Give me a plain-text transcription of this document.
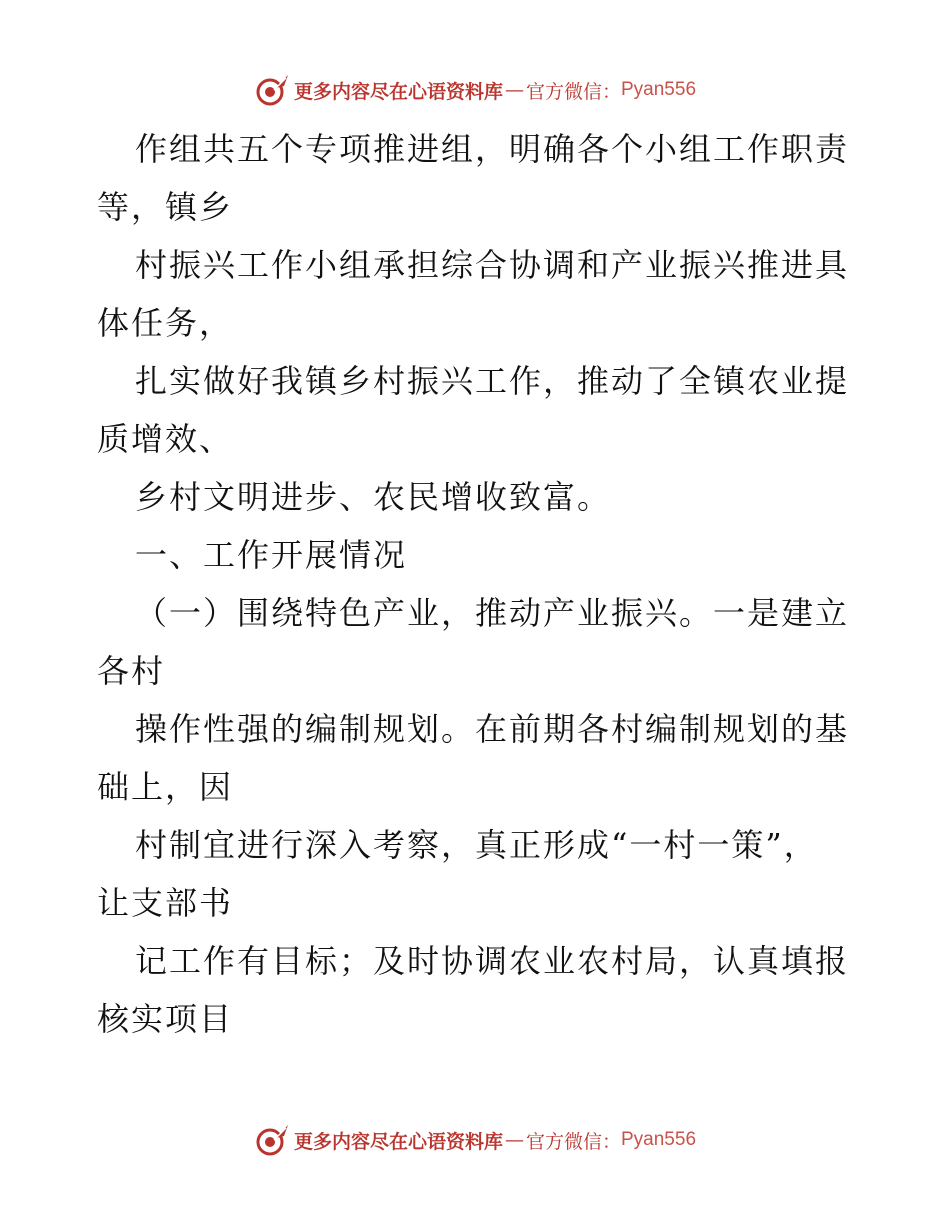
更多内容尽在心语资料库 — 官方微信： Pyan556
作组共五个专项推进组，明确各个小组工作职责
等，镇乡
村振兴工作小组承担综合协调和产业振兴推进具
体任务，
扎实做好我镇乡村振兴工作，推动了全镇农业提
质增效、
乡村文明进步、农民增收致富。
一、工作开展情况
（一）围绕特色产业，推动产业振兴。一是建立
各村
操作性强的编制规划。在前期各村编制规划的基
础上，因
村制宜进行深入考察，真正形成“一村一策”，
让支部书
记工作有目标；及时协调农业农村局，认真填报
核实项目
更多内容尽在心语资料库 — 官方微信： Pyan556
